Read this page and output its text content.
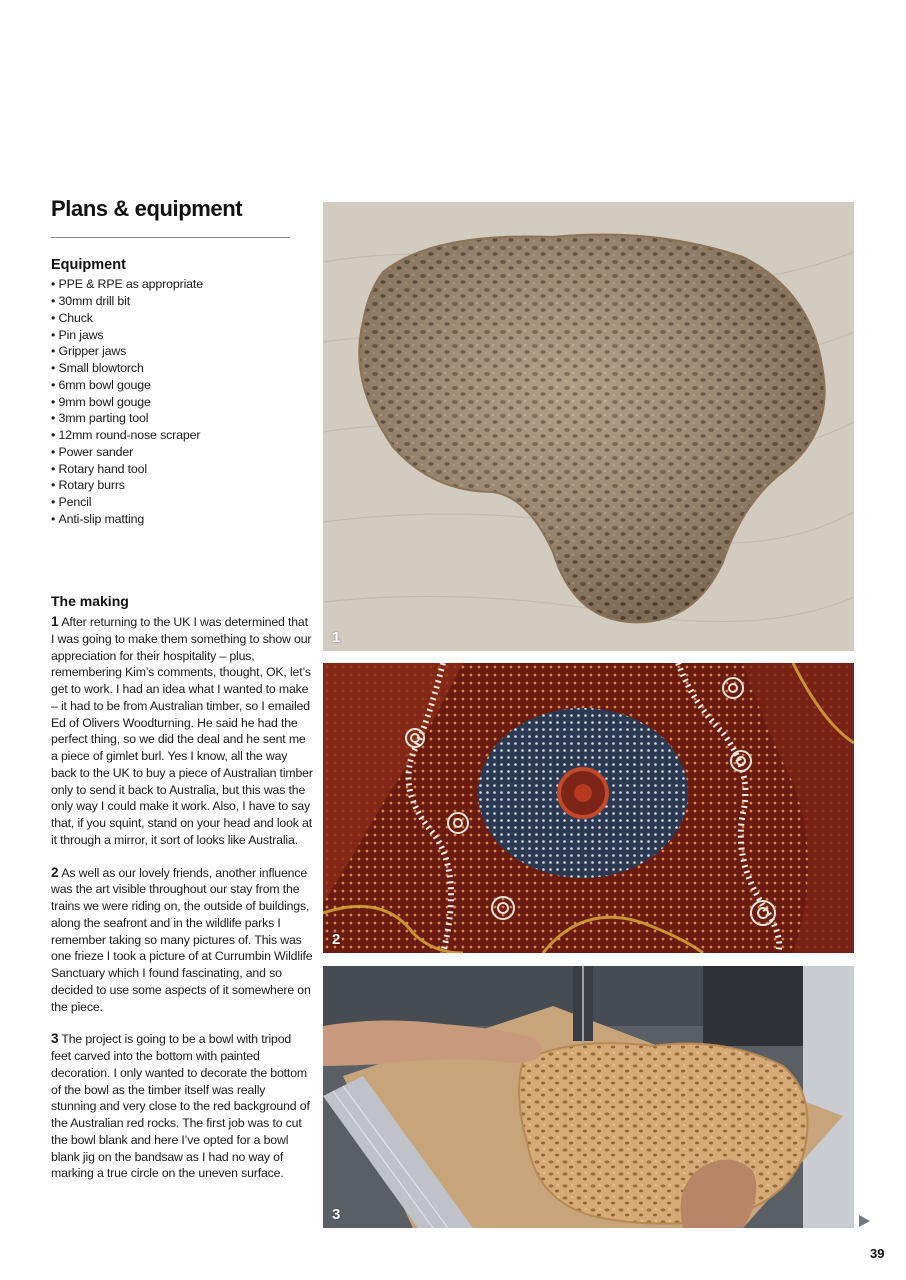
Plans & equipment
Equipment
• PPE & RPE as appropriate
• 30mm drill bit
• Chuck
• Pin jaws
• Gripper jaws
• Small blowtorch
• 6mm bowl gouge
• 9mm bowl gouge
• 3mm parting tool
• 12mm round-nose scraper
• Power sander
• Rotary hand tool
• Rotary burrs
• Pencil
• Anti-slip matting
The making

1 After returning to the UK I was determined that I was going to make them something to show our appreciation for their hospitality – plus, remembering Kim’s comments, thought, OK, let’s get to work. I had an idea what I wanted to make – it had to be from Australian timber, so I emailed Ed of Olivers Woodturning. He said he had the perfect thing, so we did the deal and he sent me a piece of gimlet burl. Yes I know, all the way back to the UK to buy a piece of Australian timber only to send it back to Australia, but this was the only way I could make it work. Also, I have to say that, if you squint, stand on your head and look at it through a mirror, it sort of looks like Australia.

2 As well as our lovely friends, another influence was the art visible throughout our stay from the trains we were riding on, the outside of buildings, along the seafront and in the wildlife parks I remember taking so many pictures of. This was one frieze I took a picture of at Currumbin Wildlife Sanctuary which I found fascinating, and so decided to use some aspects of it somewhere on the piece.

3 The project is going to be a bowl with tripod feet carved into the bottom with painted decoration. I only wanted to decorate the bottom of the bowl as the timber itself was really stunning and very close to the red background of the Australian red rocks. The first job was to cut the bowl blank and here I’ve opted for a bowl blank jig on the bandsaw as I had no way of marking a true circle on the uneven surface.

1
2
3
39
